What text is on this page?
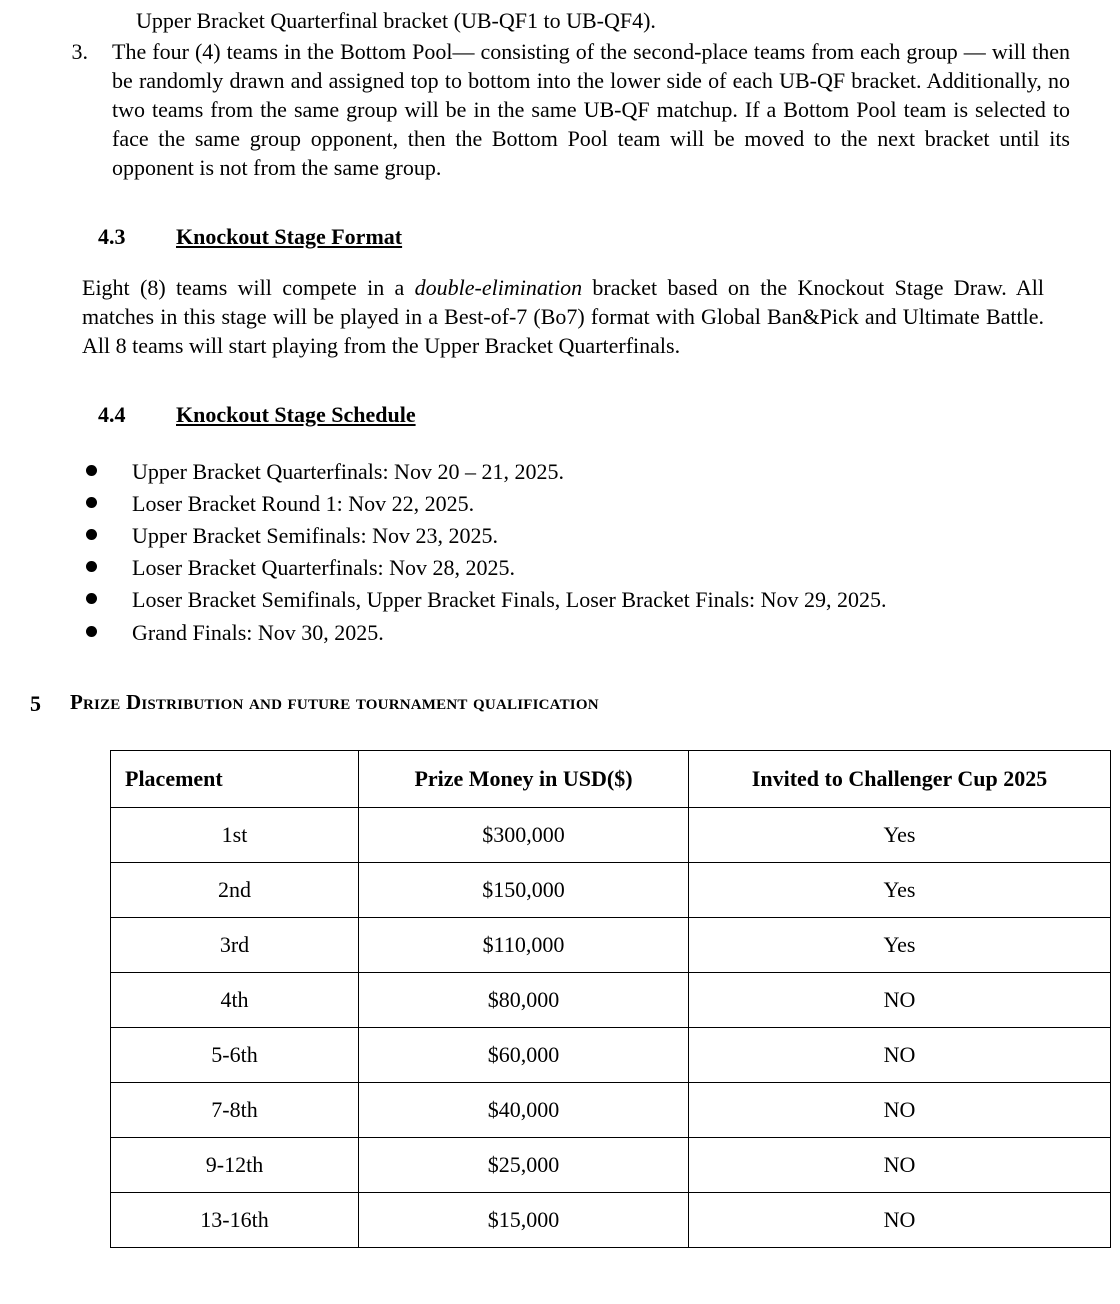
Upper Bracket Quarterfinal bracket (UB-QF1 to UB-QF4).

3.	The four (4) teams in the Bottom Pool— consisting of the second-place teams from each group — will then be randomly drawn and assigned top to bottom into the lower side of each UB-QF bracket. Additionally, no two teams from the same group will be in the same UB-QF matchup. If a Bottom Pool team is selected to face the same group opponent, then the Bottom Pool team will be moved to the next bracket until its opponent is not from the same group.
4.3	Knockout Stage Format

Eight (8) teams will compete in a double-elimination bracket based on the Knockout Stage Draw. All matches in this stage will be played in a Best-of-7 (Bo7) format with Global Ban&Pick and Ultimate Battle. All 8 teams will start playing from the Upper Bracket Quarterfinals.

4.4	Knockout Stage Schedule
Upper Bracket Quarterfinals: Nov 20 – 21, 2025.
Loser Bracket Round 1: Nov 22, 2025.
Upper Bracket Semifinals: Nov 23, 2025.
Loser Bracket Quarterfinals: Nov 28, 2025.
Loser Bracket Semifinals, Upper Bracket Finals, Loser Bracket Finals: Nov 29, 2025.
Grand Finals: Nov 30, 2025.
5	Prize Distribution and future tournament qualification
Placement	Prize Money in USD($)	Invited to Challenger Cup 2025
1st	$300,000	Yes
2nd	$150,000	Yes
3rd	$110,000	Yes
4th	$80,000	NO
5-6th	$60,000	NO
7-8th	$40,000	NO
9-12th	$25,000	NO
13-16th	$15,000	NO
